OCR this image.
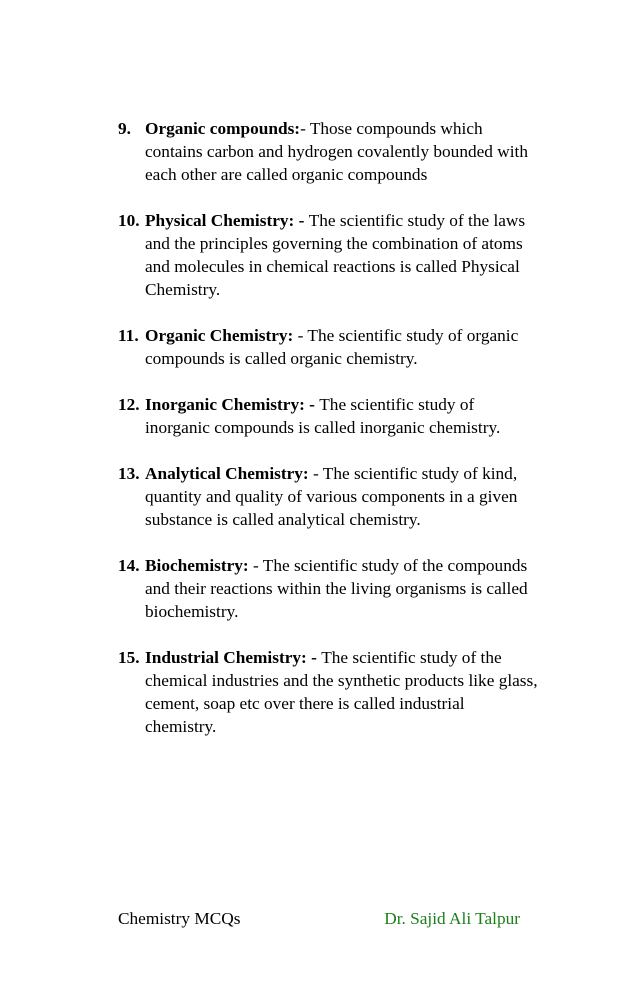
9. Organic compounds:- Those compounds which contains carbon and hydrogen covalently bounded with each other are called organic compounds
10. Physical Chemistry: - The scientific study of the laws and the principles governing the combination of atoms and molecules in chemical reactions is called Physical Chemistry.
11. Organic Chemistry: - The scientific study of organic compounds is called organic chemistry.
12. Inorganic Chemistry: - The scientific study of inorganic compounds is called inorganic chemistry.
13. Analytical Chemistry: - The scientific study of kind, quantity and quality of various components in a given substance is called analytical chemistry.
14. Biochemistry: - The scientific study of the compounds and their reactions within the living organisms is called biochemistry.
15. Industrial Chemistry: - The scientific study of the chemical industries and the synthetic products like glass, cement, soap etc over there is called industrial chemistry.
Chemistry MCQs	Dr. Sajid Ali Talpur
